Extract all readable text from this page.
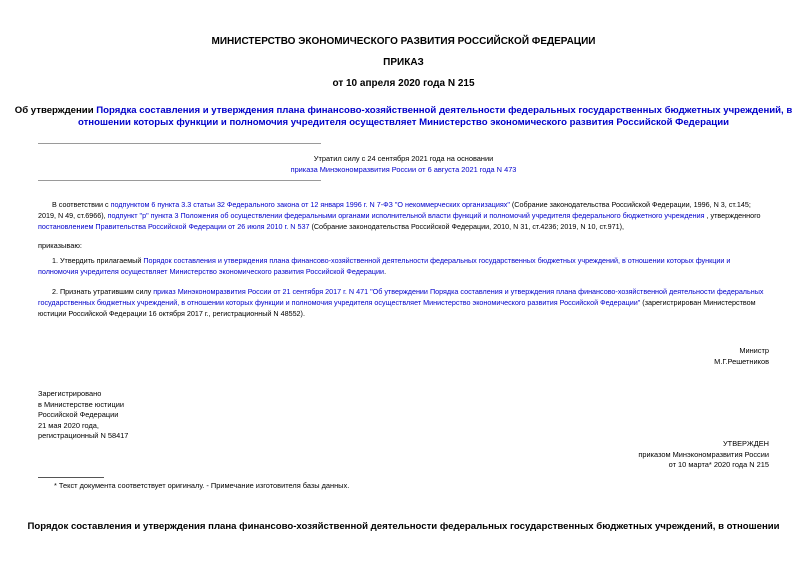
МИНИСТЕРСТВО ЭКОНОМИЧЕСКОГО РАЗВИТИЯ РОССИЙСКОЙ ФЕДЕРАЦИИ
ПРИКАЗ
от 10 апреля 2020 года N 215

Об утверждении Порядка составления и утверждения плана финансово-хозяйственной деятельности федеральных государственных бюджетных учреждений, в

отношении которых функции и полномочия учредителя осуществляет Министерство экономического развития Российской Федерации

Утратил силу с 24 сентября 2021 года на основании

приказа Минэкономразвития России от 6 августа 2021 года N 473

В соответствии с подпунктом 6 пункта 3.3 статьи 32 Федерального закона от 12 января 1996 г. N 7-ФЗ "О некоммерческих организациях" (Собрание законодательства Российской Федерации, 1996, N 3, ст.145;

2019, N 49, ст.6966), подпункт "р" пункта 3 Положения об осуществлении федеральными органами исполнительной власти функций и полномочий учредителя федерального бюджетного учреждения , утвержденного

постановлением Правительства Российской Федерации от 26 июля 2010 г. N 537 (Собрание законодательства Российской Федерации, 2010, N 31, ст.4236; 2019, N 10, ст.971),

приказываю:

1. Утвердить прилагаемый Порядок составления и утверждения плана финансово-хозяйственной деятельности федеральных государственных бюджетных учреждений, в отношении которых функции и

полномочия учредителя осуществляет Министерство экономического развития Российской Федерации.

2. Признать утратившим силу приказ Минэкономразвития России от 21 сентября 2017 г. N 471 "Об утверждении Порядка составления и утверждения плана финансово-хозяйственной деятельности федеральных

государственных бюджетных учреждений, в отношении которых функции и полномочия учредителя осуществляет Министерство экономического развития Российской Федерации" (зарегистрирован Министерством

юстиции Российской Федерации 16 октября 2017 г., регистрационный N 48552).

Министр

М.Г.Решетников

Зарегистрировано

в Министерстве юстиции

Российской Федерации

21 мая 2020 года,

регистрационный N 58417

УТВЕРЖДЕН

приказом Минэкономразвития России

от 10 марта* 2020 года N 215

* Текст документа соответствует оригиналу. - Примечание изготовителя базы данных.
Порядок составления и утверждения плана финансово-хозяйственной деятельности федеральных государственных бюджетных учреждений, в отношении
